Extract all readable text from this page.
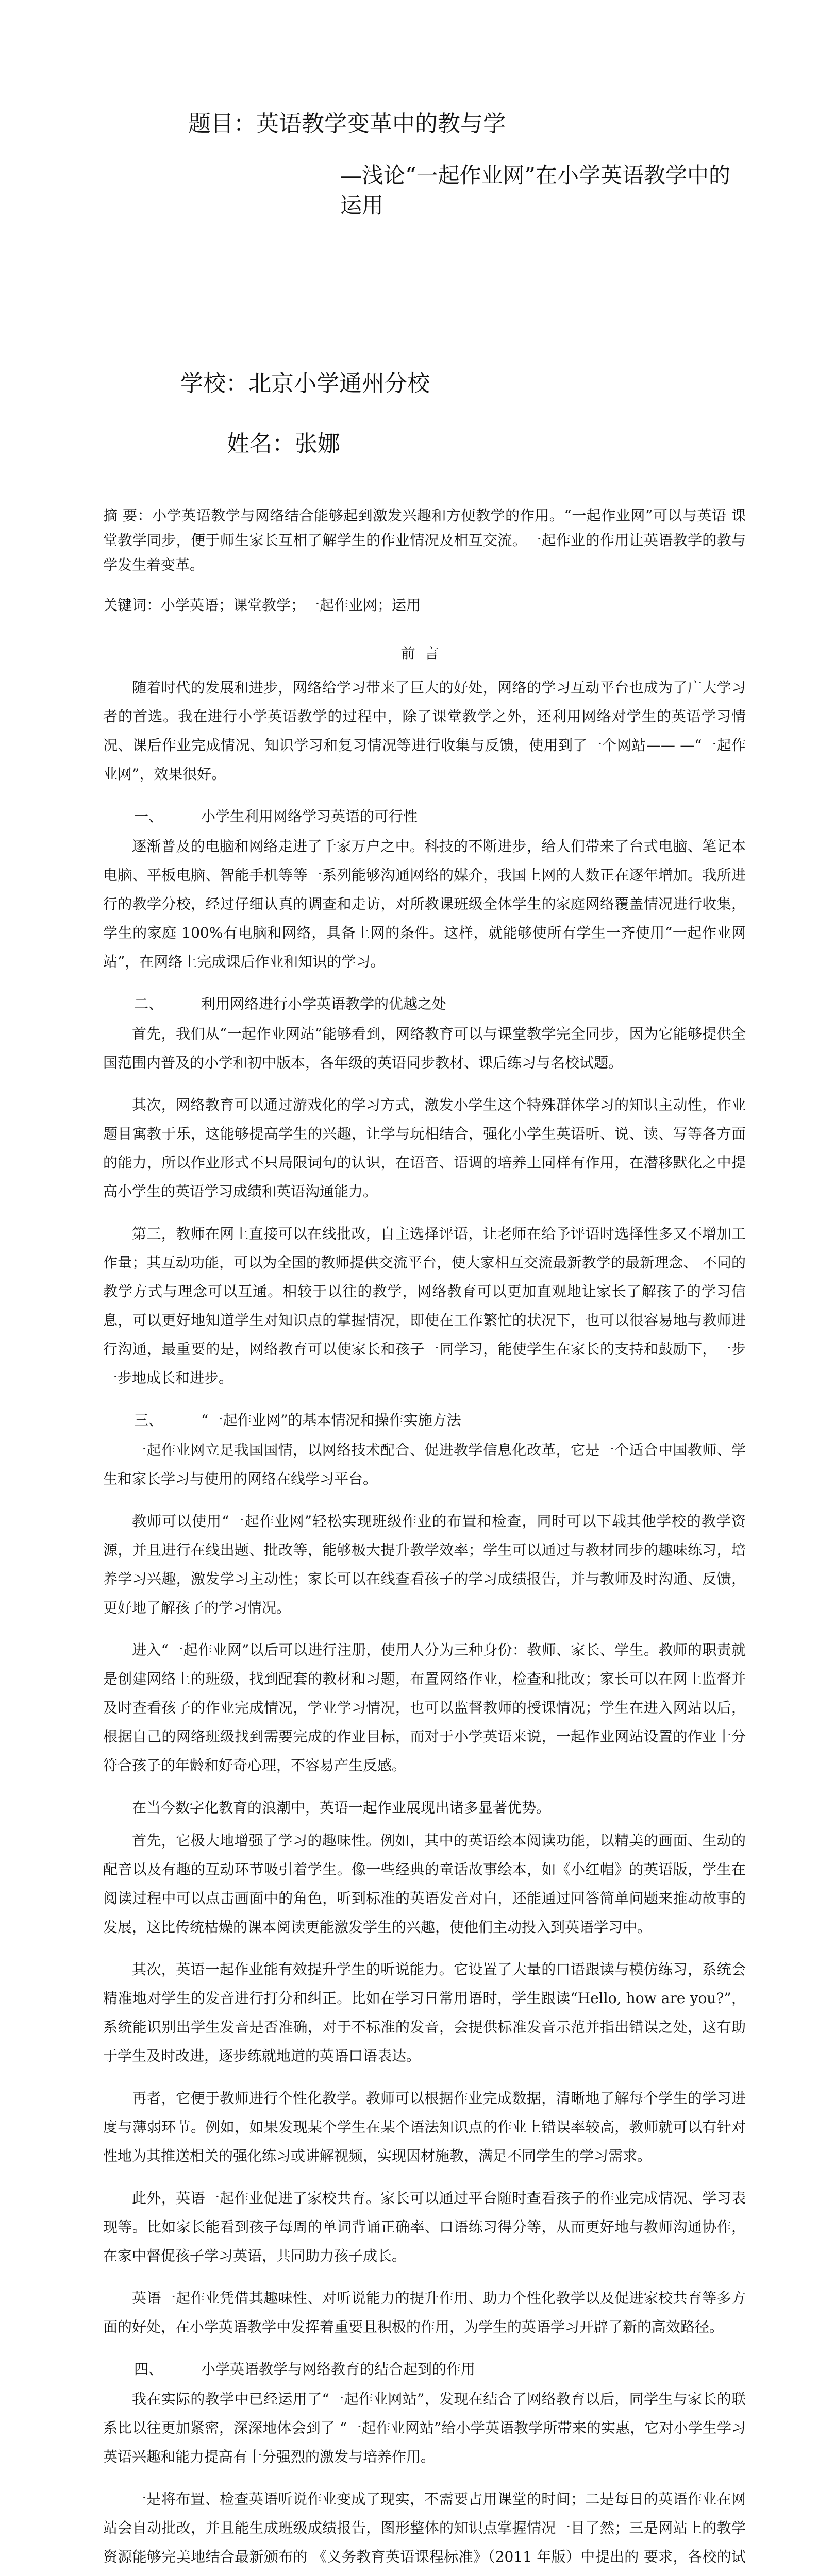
题目：英语教学变革中的教与学
—浅论“一起作业网”在小学英语教学中的运用
学校：北京小学通州分校
姓名：张娜

摘 要：小学英语教学与网络结合能够起到激发兴趣和方便教学的作用。“一起作业网”可以与英语 课堂教学同步，便于师生家长互相了解学生的作业情况及相互交流。一起作业的作用让英语教学的教与学发生着变革。

关键词：小学英语；课堂教学；一起作业网；运用

前言

随着时代的发展和进步，网络给学习带来了巨大的好处，网络的学习互动平台也成为了广大学习者的首选。我在进行小学英语教学的过程中，除了课堂教学之外，还利用网络对学生的英语学习情况、课后作业完成情况、知识学习和复习情况等进行收集与反馈，使用到了一个网站—— —“一起作业网”，效果很好。

一、	小学生利用网络学习英语的可行性

逐渐普及的电脑和网络走进了千家万户之中。科技的不断进步，给人们带来了台式电脑、笔记本电脑、平板电脑、智能手机等等一系列能够沟通网络的媒介，我国上网的人数正在逐年增加。我所进行的教学分校，经过仔细认真的调查和走访，对所教课班级全体学生的家庭网络覆盖情况进行收集，学生的家庭 100%有电脑和网络，具备上网的条件。这样，就能够使所有学生一齐使用“一起作业网站”，在网络上完成课后作业和知识的学习。

二、	利用网络进行小学英语教学的优越之处

首先，我们从“一起作业网站”能够看到，网络教育可以与课堂教学完全同步，因为它能够提供全国范围内普及的小学和初中版本，各年级的英语同步教材、课后练习与名校试题。

其次，网络教育可以通过游戏化的学习方式，激发小学生这个特殊群体学习的知识主动性，作业题目寓教于乐，这能够提高学生的兴趣，让学与玩相结合，强化小学生英语听、说、读、写等各方面的能力，所以作业形式不只局限词句的认识，在语音、语调的培养上同样有作用，在潜移默化之中提高小学生的英语学习成绩和英语沟通能力。

第三，教师在网上直接可以在线批改，自主选择评语，让老师在给予评语时选择性多又不增加工作量；其互动功能，可以为全国的教师提供交流平台，使大家相互交流最新教学的最新理念、 不同的教学方式与理念可以互通。相较于以往的教学，网络教育可以更加直观地让家长了解孩子的学习信息，可以更好地知道学生对知识点的掌握情况，即使在工作繁忙的状况下，也可以很容易地与教师进行沟通，最重要的是，网络教育可以使家长和孩子一同学习，能使学生在家长的支持和鼓励下，一步一步地成长和进步。

三、	“一起作业网”的基本情况和操作实施方法

一起作业网立足我国国情，以网络技术配合、促进教学信息化改革，它是一个适合中国教师、学生和家长学习与使用的网络在线学习平台。

教师可以使用“一起作业网”轻松实现班级作业的布置和检查，同时可以下载其他学校的教学资源，并且进行在线出题、批改等，能够极大提升教学效率；学生可以通过与教材同步的趣味练习，培养学习兴趣，激发学习主动性；家长可以在线查看孩子的学习成绩报告，并与教师及时沟通、反馈，更好地了解孩子的学习情况。

进入“一起作业网”以后可以进行注册，使用人分为三种身份：教师、家长、学生。教师的职责就是创建网络上的班级，找到配套的教材和习题，布置网络作业，检查和批改；家长可以在网上监督并及时查看孩子的作业完成情况，学业学习情况，也可以监督教师的授课情况；学生在进入网站以后，根据自己的网络班级找到需要完成的作业目标，而对于小学英语来说，一起作业网站设置的作业十分符合孩子的年龄和好奇心理，不容易产生反感。

在当今数字化教育的浪潮中，英语一起作业展现出诸多显著优势。

首先，它极大地增强了学习的趣味性。例如，其中的英语绘本阅读功能，以精美的画面、生动的配音以及有趣的互动环节吸引着学生。像一些经典的童话故事绘本，如《小红帽》的英语版，学生在阅读过程中可以点击画面中的角色，听到标准的英语发音对白，还能通过回答简单问题来推动故事的发展，这比传统枯燥的课本阅读更能激发学生的兴趣，使他们主动投入到英语学习中。

其次，英语一起作业能有效提升学生的听说能力。它设置了大量的口语跟读与模仿练习，系统会精准地对学生的发音进行打分和纠正。比如在学习日常用语时，学生跟读“Hello, how are you?”，系统能识别出学生发音是否准确，对于不标准的发音，会提供标准发音示范并指出错误之处，这有助于学生及时改进，逐步练就地道的英语口语表达。

再者，它便于教师进行个性化教学。教师可以根据作业完成数据，清晰地了解每个学生的学习进度与薄弱环节。例如，如果发现某个学生在某个语法知识点的作业上错误率较高，教师就可以有针对性地为其推送相关的强化练习或讲解视频，实现因材施教，满足不同学生的学习需求。

此外，英语一起作业促进了家校共育。家长可以通过平台随时查看孩子的作业完成情况、学习表现等。比如家长能看到孩子每周的单词背诵正确率、口语练习得分等，从而更好地与教师沟通协作，在家中督促孩子学习英语，共同助力孩子成长。

英语一起作业凭借其趣味性、对听说能力的提升作用、助力个性化教学以及促进家校共育等多方面的好处，在小学英语教学中发挥着重要且积极的作用，为学生的英语学习开辟了新的高效路径。

四、	小学英语教学与网络教育的结合起到的作用

我在实际的教学中已经运用了“一起作业网站”，发现在结合了网络教育以后，同学生与家长的联系比以往更加紧密，深深地体会到了 “一起作业网站”给小学英语教学所带来的实惠，它对小学生学习英语兴趣和能力提高有十分强烈的激发与培养作用。

一是将布置、检查英语听说作业变成了现实，不需要占用课堂的时间；二是每日的英语作业在网站会自动批改，并且能生成班级成绩报告，图形整体的知识点掌握情况一目了然；三是网站上的教学资源能够完美地结合最新颁布的 《义务教育英语课程标准》（2011 年版）中提出的 要求，各校的试
